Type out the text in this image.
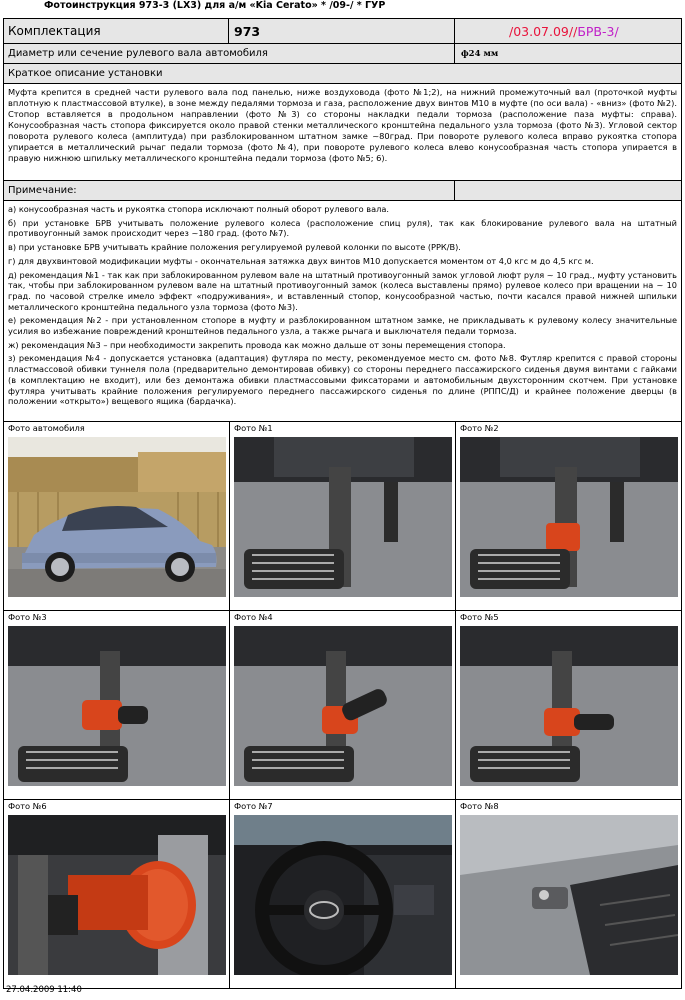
Фотоинструкция 973-3 (LX3) для а/м «Kia Cerato» * /09-/ * ГУР
Комплектация	973	/03.07.09//БРВ-3/
Диаметр или сечение рулевого вала автомобиля	ф24 мм
Краткое описание установки
Муфта крепится в средней части рулевого вала под панелью, ниже воздуховода (фото №1;2), на нижний промежуточный вал (проточкой муфты вплотную к пластмассовой втулке), в зоне между педалями тормоза и газа, расположение двух винтов М10 в муфте (по оси вала) - «вниз» (фото №2). Стопор вставляется в продольном направлении (фото №3) со стороны накладки педали тормоза (расположение паза муфты: справа). Конусообразная часть стопора фиксируется около правой стенки металлического кронштейна педального узла тормоза (фото №3). Угловой сектор поворота рулевого колеса (амплитуда) при разблокированном штатном замке ~80град. При повороте рулевого колеса вправо рукоятка стопора упирается в металлический рычаг педали тормоза (фото №4), при повороте рулевого колеса влево конусообразная часть стопора упирается в правую нижнюю шпильку металлического кронштейна педали тормоза (фото №5; 6).
Примечание:

а) конусообразная часть и рукоятка стопора исключают полный оборот рулевого вала.

б) при установке БРВ учитывать положение рулевого колеса (расположение спиц руля), так как блокирование рулевого вала на штатный противоугонный замок происходит через ~180 град. (фото №7).

в) при установке БРВ учитывать крайние положения регулируемой рулевой колонки по высоте (РРК/В).

г) для двухвинтовой модификации муфты - окончательная затяжка двух винтов М10 допускается моментом от 4,0 кгс м до 4,5 кгс м.

д) рекомендация №1 - так как при заблокированном рулевом вале на штатный противоугонный замок угловой люфт руля ~ 10 град., муфту установить так, чтобы при заблокированном рулевом вале на штатный противоугонный замок (колеса выставлены прямо) рулевое колесо при вращении на ~ 10 град. по часовой стрелке имело эффект «подруживания», и вставленный стопор, конусообразной частью, почти касался правой нижней шпильки металлического кронштейна педального узла тормоза (фото №3).

е) рекомендация №2 - при установленном стопоре в муфту и разблокированном штатном замке, не прикладывать к рулевому колесу значительные усилия во избежание повреждений кронштейнов педального узла, а также рычага и выключателя педали тормоза.

ж) рекомендация №3 – при необходимости закрепить провода как можно дальше от зоны перемещения стопора.

з) рекомендация №4 - допускается установка (адаптация) футляра по месту, рекомендуемое место см. фото №8. Футляр крепится с правой стороны пластмассовой обивки туннеля пола (предварительно демонтировав обивку) со стороны переднего пассажирского сиденья двумя винтами с гайками (в комплектацию не входит), или без демонтажа обивки пластмассовыми фиксаторами и автомобильным двухсторонним скотчем. При установке футляра учитывать крайние положения регулируемого переднего пассажирского сиденья по длине (РППС/Д) и крайнее положение дверцы (в положении «открыто») вещевого ящика (бардачка).

Фото автомобиля	Фото №1	Фото №2
Фото №3	Фото №4	Фото №5
Фото №6	Фото №7	Фото №8
27.04.2009 11:40
